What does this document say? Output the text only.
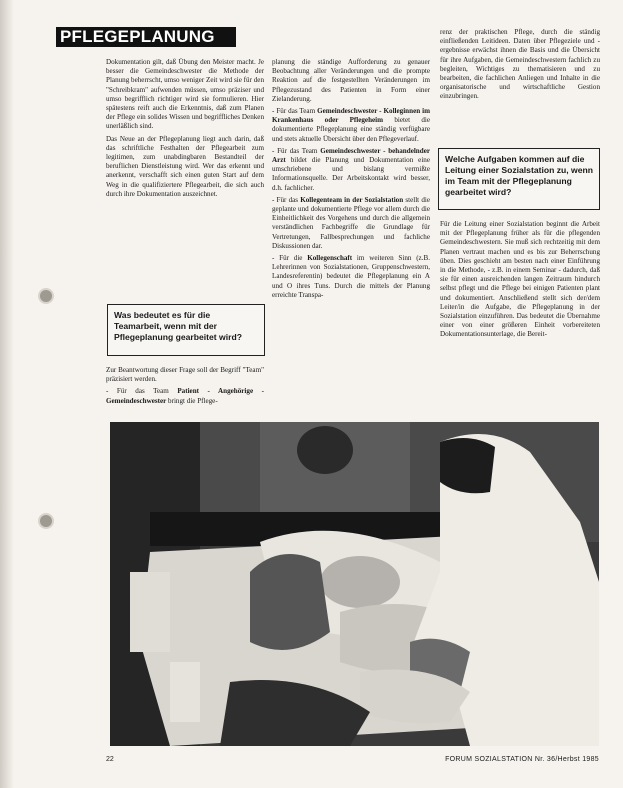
PFLEGEPLANUNG

Dokumentation gilt, daß Übung den Meister macht. Je besser die Gemeindeschwester die Methode der Planung beherrscht, umso weniger Zeit wird sie für den "Schreibkram" aufwenden müssen, umso präziser und umso begrifflich richtiger wird sie formulieren. Hier spätestens reift auch die Erkenntnis, daß zum Planen der Pflege ein solides Wissen und begriffliches Denken unerläßlich sind.

Das Neue an der Pflegeplanung liegt auch darin, daß das schriftliche Festhalten der Pflegearbeit zum legitimen, zum unabdingbaren Bestandteil der beruflichen Dienstleistung wird. Wer das erkennt und anerkennt, verschafft sich einen guten Start auf dem Weg in die qualifiziertere Pflegearbeit, die sich auch durch ihre Dokumentation auszeichnet.

Was bedeutet es für die Teamarbeit, wenn mit der Pflegeplanung gearbeitet wird?

Zur Beantwortung dieser Frage soll der Begriff "Team" präzisiert werden.

- Für das Team Patient - Angehörige - Gemeindeschwester bringt die Pflege-

planung die ständige Aufforderung zu genauer Beobachtung aller Veränderungen und die prompte Reaktion auf die festgestellten Veränderungen im Pflegezustand des Patienten in Form einer Zielanderung.

- Für das Team Gemeindeschwester - Kolleginnen im Krankenhaus oder Pflegeheim bietet die dokumentierte Pflegeplanung eine ständig verfügbare und stets aktuelle Übersicht über den Pflegeverlauf.

- Für das Team Gemeindeschwester - behandelnder Arzt bildet die Planung und Dokumentation eine umschriebene und bislang vermißte Informationsquelle. Der Arbeitskontakt wird besser, d.h. fachlicher.

- Für das Kollegenteam in der Sozialstation stellt die geplante und dokumentierte Pflege vor allem durch die Einheitlichkeit des Vorgehens und durch die allgemein verständlichen Fachbegriffe die Grundlage für Vertretungen, Fallbesprechungen und fachliche Diskussionen dar.

- Für die Kollegenschaft im weiteren Sinn (z.B. Lehrerinnen von Sozialstationen, Gruppenschwestern, Landesreferentin) bedeutet die Pflegeplanung ein A und O ihres Tuns. Durch die mittels der Planung erreichte Transpa-

renz der praktischen Pflege, durch die ständig einfließenden Leitideen. Daten über Pflegeziele und -ergebnisse erwächst ihnen die Basis und die Übersicht für ihre Aufgaben, die Gemeindeschwestern fachlich zu begleiten, Wichtiges zu thematisieren und zu bearbeiten, die fachlichen Anliegen und Inhalte in die organisatorische und wirtschaftliche Gestion einzubringen.

Welche Aufgaben kommen auf die Leitung einer Sozialstation zu, wenn im Team mit der Pflegeplanung gearbeitet wird?

Für die Leitung einer Sozialstation beginnt die Arbeit mit der Pflegeplanung früher als für die pflegenden Gemeindeschwestern. Sie muß sich rechtzeitig mit dem Planen vertraut machen und es bis zur Beherrschung üben. Dies geschieht am besten nach einer Einführung in die Methode, - z.B. in einem Seminar - dadurch, daß sie für einen ausreichenden langen Zeitraum hindurch selbst pflegt und die Pflege bei einigen Patienten plant und dokumentiert. Anschließend stellt sich der/dem Leiter/in die Aufgabe, die Pflegeplanung in der Sozialstation einzuführen. Das bedeutet die Übernahme einer von einer größeren Einheit vorbereiteten Dokumentationsunterlage, die Bereit-

22	FORUM SOZIALSTATION Nr. 36/Herbst 1985
